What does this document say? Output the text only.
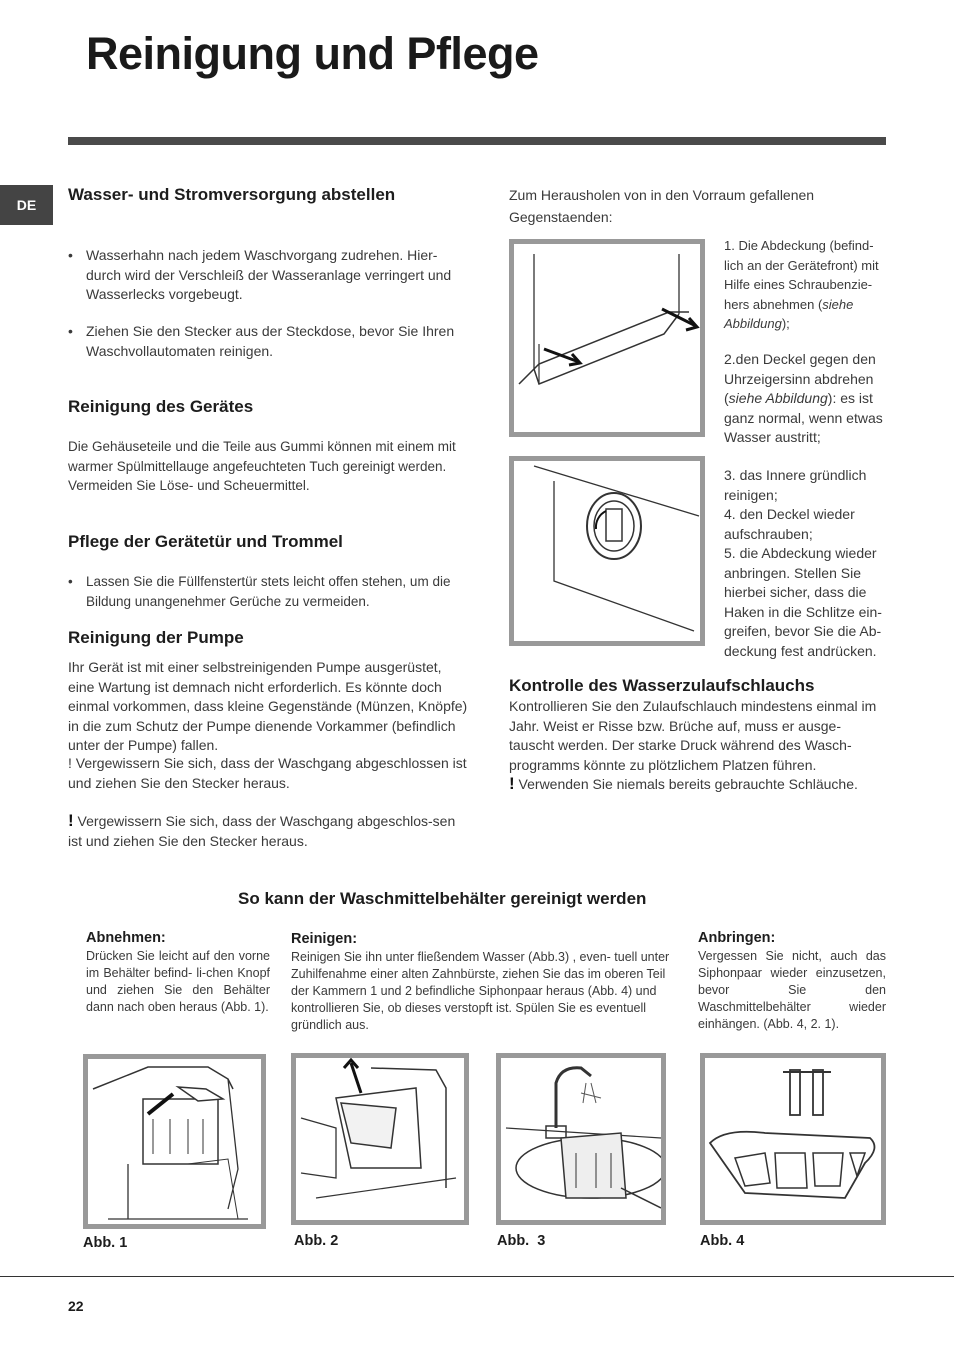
Reinigung und Pflege
DE
Wasser- und Stromversorgung abstellen
• Wasserhahn nach jedem Waschvorgang zudrehen. Hier-durch wird der Verschleiß der Wasseranlage verringert und Wasserlecks vorgebeugt.
• Ziehen Sie den Stecker aus der Steckdose, bevor Sie Ihren Waschvollautomaten reinigen.
Reinigung des Gerätes
Die Gehäuseteile und die Teile aus Gummi können mit einem mit warmer Spülmittellauge angefeuchteten Tuch gereinigt werden. Vermeiden Sie Löse- und Scheuermittel.
Pflege der Gerätetür und Trommel
• Lassen Sie die Füllfenstertür stets leicht offen stehen, um die Bildung unangenehmer Gerüche zu vermeiden.
Reinigung der Pumpe
Ihr Gerät ist mit einer selbstreinigenden Pumpe ausgerüstet, eine Wartung ist demnach nicht erforderlich. Es könnte doch einmal vorkommen, dass kleine Gegenstände (Münzen, Knöpfe) in die zum Schutz der Pumpe dienende Vorkammer (befindlich unter der Pumpe) fallen.
! Vergewissern Sie sich, dass der Waschgang abgeschlossen ist und ziehen Sie den Stecker heraus.
! Vergewissern Sie sich, dass der Waschgang abgeschlos-sen ist und ziehen Sie den Stecker heraus.
Zum Herausholen von in den Vorraum gefallenen Gegenstaenden:
1. Die Abdeckung (befind-lich an der Gerätefront) mit Hilfe eines Schraubenzie-hers abnehmen (siehe Abbildung);
2.den Deckel gegen den Uhrzeigersinn abdrehen (siehe Abbildung): es ist ganz normal, wenn etwas Wasser austritt;
3. das Innere gründlich reinigen;
4. den Deckel wieder aufschrauben;
5. die Abdeckung wieder anbringen. Stellen Sie hierbei sicher, dass die Haken in die Schlitze ein-greifen, bevor Sie die Ab-deckung fest andrücken.
Kontrolle des Wasserzulaufschlauchs
Kontrollieren Sie den Zulaufschlauch mindestens einmal im Jahr. Weist er Risse bzw. Brüche auf, muss er ausge-tauscht werden. Der starke Druck während des Wasch-programms könnte zu plötzlichem Platzen führen.
! Verwenden Sie niemals bereits gebrauchte Schläuche.
So kann der Waschmittelbehälter gereinigt werden
Abnehmen:
Drücken Sie leicht auf den vorne im Behälter befind- li-chen Knopf und ziehen Sie den Behälter dann nach oben heraus (Abb. 1).
Reinigen:
Reinigen Sie ihn unter fließendem Wasser (Abb.3) , even- tuell unter Zuhilfenahme einer alten Zahnbürste, ziehen Sie das im oberen Teil der Kammern 1 und 2 befindliche Siphonpaar heraus (Abb. 4) und kontrollieren Sie, ob dieses verstopft ist. Spülen Sie es eventuell gründlich aus.
Anbringen:
Vergessen Sie nicht, auch das Siphonpaar wieder einzusetzen, bevor Sie den Waschmittelbehälter wieder einhängen. (Abb. 4, 2. 1).
Abb. 1	Abb. 2	Abb.  3	Abb. 4
22
